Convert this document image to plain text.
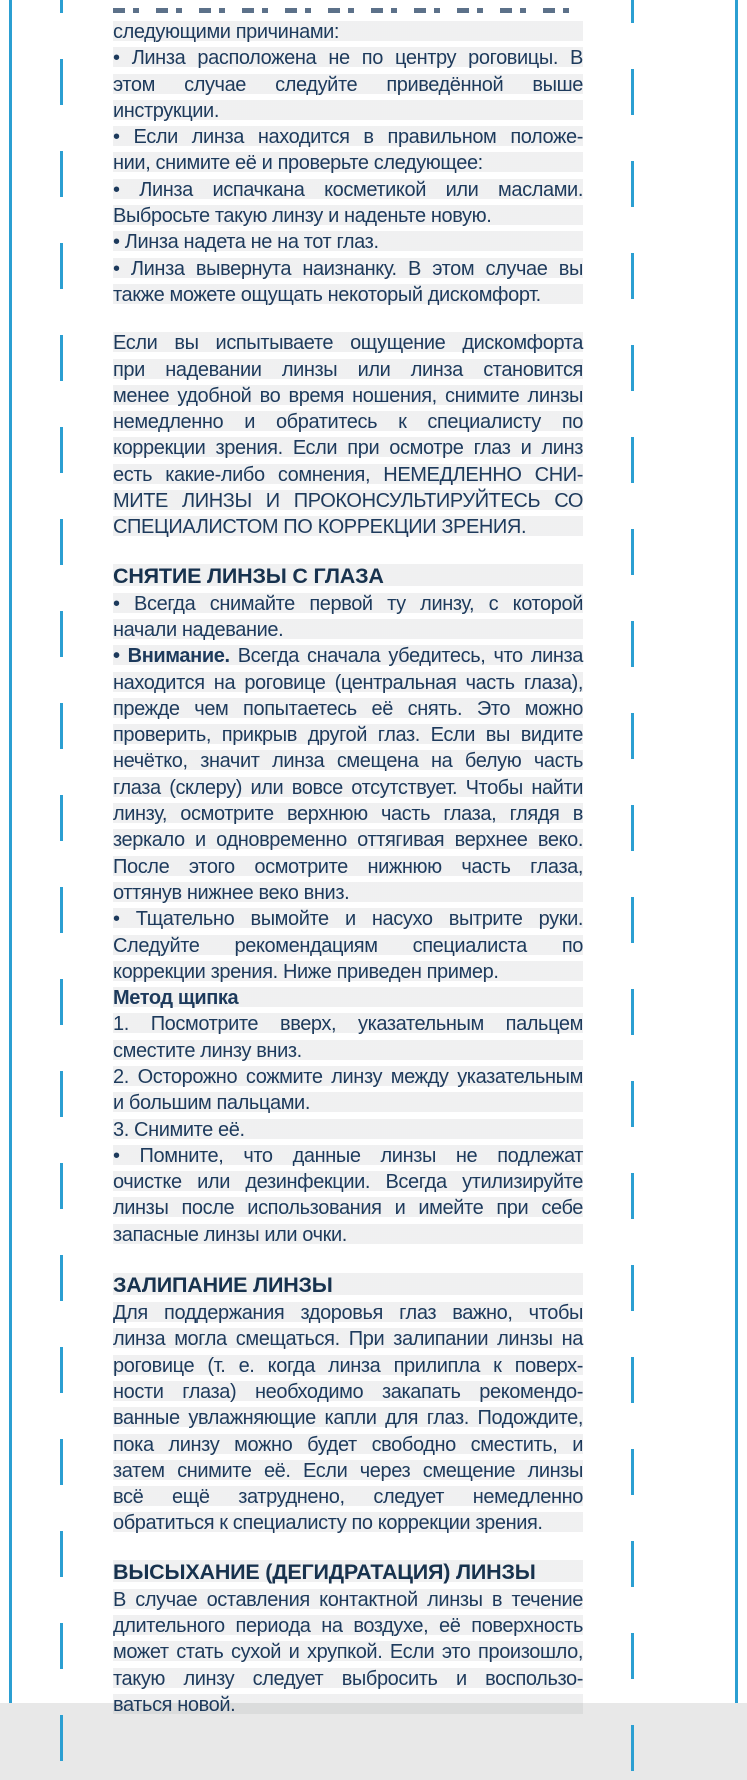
следующими причинами:
• Линза расположена не по центру роговицы. В
этом случае следуйте приведённой выше
инструкции.
• Если линза находится в правильном положе-
нии, снимите её и проверьте следующее:
• Линза испачкана косметикой или маслами.
Выбросьте такую линзу и наденьте новую.
• Линза надета не на тот глаз.
• Линза вывернута наизнанку. В этом случае вы
также можете ощущать некоторый дискомфорт.
Если вы испытываете ощущение дискомфорта
при надевании линзы или линза становится
менее удобной во время ношения, снимите линзы
немедленно и обратитесь к специалисту по
коррекции зрения. Если при осмотре глаз и линз
есть какие-либо сомнения, НЕМЕДЛЕННО СНИ-
МИТЕ ЛИНЗЫ И ПРОКОНСУЛЬТИРУЙТЕСЬ СО
СПЕЦИАЛИСТОМ ПО КОРРЕКЦИИ ЗРЕНИЯ.
СНЯТИЕ ЛИНЗЫ С ГЛАЗА
• Всегда снимайте первой ту линзу, с которой
начали надевание.
• Внимание. Всегда сначала убедитесь, что линза
находится на роговице (центральная часть глаза),
прежде чем попытаетесь её снять. Это можно
проверить, прикрыв другой глаз. Если вы видите
нечётко, значит линза смещена на белую часть
глаза (склеру) или вовсе отсутствует. Чтобы найти
линзу, осмотрите верхнюю часть глаза, глядя в
зеркало и одновременно оттягивая верхнее веко.
После этого осмотрите нижнюю часть глаза,
оттянув нижнее веко вниз.
• Тщательно вымойте и насухо вытрите руки.
Следуйте рекомендациям специалиста по
коррекции зрения. Ниже приведен пример.
Метод щипка
1. Посмотрите вверх, указательным пальцем
сместите линзу вниз.
2. Осторожно сожмите линзу между указательным
и большим пальцами.
3. Снимите её.
• Помните, что данные линзы не подлежат
очистке или дезинфекции. Всегда утилизируйте
линзы после использования и имейте при себе
запасные линзы или очки.
ЗАЛИПАНИЕ ЛИНЗЫ
Для поддержания здоровья глаз важно, чтобы
линза могла смещаться. При залипании линзы на
роговице (т. е. когда линза прилипла к поверх-
ности глаза) необходимо закапать рекомендо-
ванные увлажняющие капли для глаз. Подождите,
пока линзу можно будет свободно сместить, и
затем снимите её. Если через смещение линзы
всё ещё затруднено, следует немедленно
обратиться к специалисту по коррекции зрения.
ВЫСЫХАНИЕ (ДЕГИДРАТАЦИЯ) ЛИНЗЫ
В случае оставления контактной линзы в течение
длительного периода на воздухе, её поверхность
может стать сухой и хрупкой. Если это произошло,
такую линзу следует выбросить и воспользо-
ваться новой.
